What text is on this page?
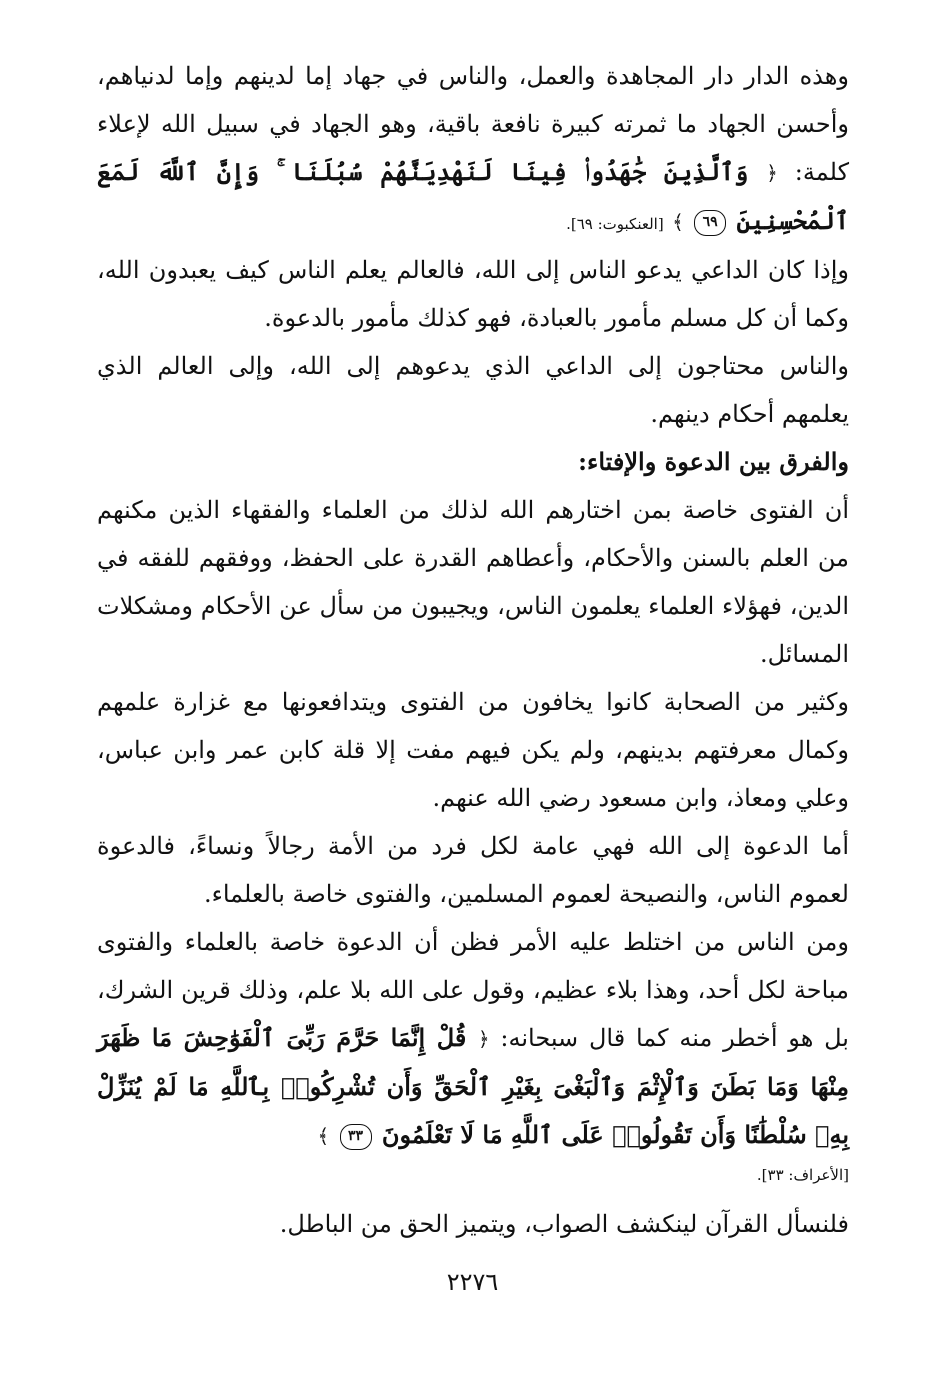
وهذه الدار دار المجاهدة والعمل، والناس في جهاد إما لدينهم وإما لدنياهم، وأحسن الجهاد ما ثمرته كبيرة نافعة باقية، وهو الجهاد في سبيل الله لإعلاء كلمة: ﴿ وَٱلَّذِينَ جَٰهَدُوا۟ فِينَا لَنَهْدِيَنَّهُمْ سُبُلَنَا ۚ وَإِنَّ ٱللَّهَ لَمَعَ ٱلْمُحْسِنِينَ ٦٩ ﴾ [العنكبوت: ٦٩].

وإذا كان الداعي يدعو الناس إلى الله، فالعالم يعلم الناس كيف يعبدون الله، وكما أن كل مسلم مأمور بالعبادة، فهو كذلك مأمور بالدعوة.

والناس محتاجون إلى الداعي الذي يدعوهم إلى الله، وإلى العالم الذي يعلمهم أحكام دينهم.

والفرق بين الدعوة والإفتاء:

أن الفتوى خاصة بمن اختارهم الله لذلك من العلماء والفقهاء الذين مكنهم من العلم بالسنن والأحكام، وأعطاهم القدرة على الحفظ، ووفقهم للفقه في الدين، فهؤلاء العلماء يعلمون الناس، ويجيبون من سأل عن الأحكام ومشكلات المسائل.

وكثير من الصحابة كانوا يخافون من الفتوى ويتدافعونها مع غزارة علمهم وكمال معرفتهم بدينهم، ولم يكن فيهم مفت إلا قلة كابن عمر وابن عباس، وعلي ومعاذ، وابن مسعود رضي الله عنهم.

أما الدعوة إلى الله فهي عامة لكل فرد من الأمة رجالاً ونساءً، فالدعوة لعموم الناس، والنصيحة لعموم المسلمين، والفتوى خاصة بالعلماء.

ومن الناس من اختلط عليه الأمر فظن أن الدعوة خاصة بالعلماء والفتوى مباحة لكل أحد، وهذا بلاء عظيم، وقول على الله بلا علم، وذلك قرين الشرك، بل هو أخطر منه كما قال سبحانه: ﴿ قُلْ إِنَّمَا حَرَّمَ رَبِّىَ ٱلْفَوَٰحِشَ مَا ظَهَرَ مِنْهَا وَمَا بَطَنَ وَٱلْإِثْمَ وَٱلْبَغْىَ بِغَيْرِ ٱلْحَقِّ وَأَن تُشْرِكُوا۟ بِٱللَّهِ مَا لَمْ يُنَزِّلْ بِهِۦ سُلْطَٰنًا وَأَن تَقُولُوا۟ عَلَى ٱللَّهِ مَا لَا تَعْلَمُونَ ٣٣ ﴾

[الأعراف: ٣٣].

فلنسأل القرآن لينكشف الصواب، ويتميز الحق من الباطل.

٢٢٧٦
